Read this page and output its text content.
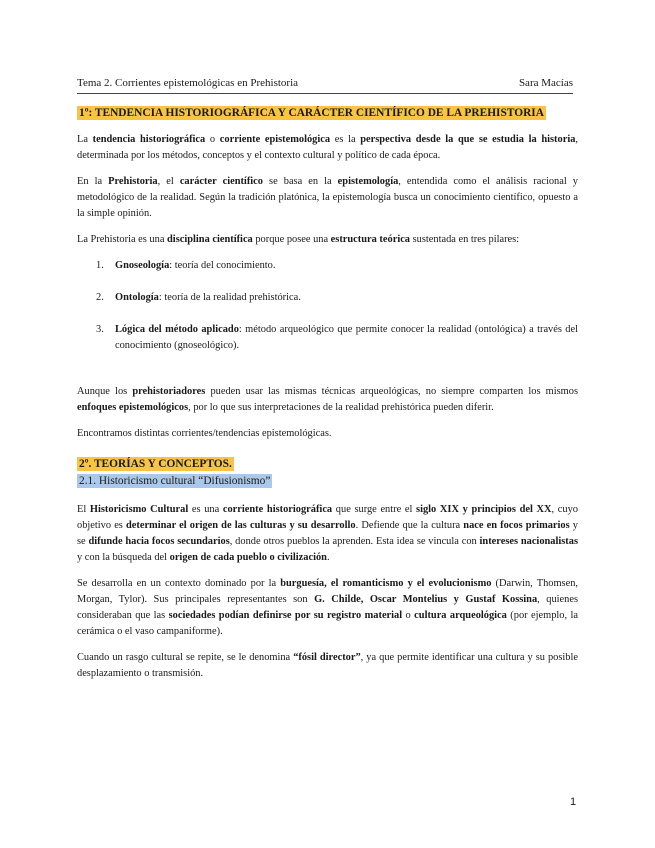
Tema 2. Corrientes epistemológicas en Prehistoria	Sara Macías

1º: TENDENCIA HISTORIOGRÁFICA Y CARÁCTER CIENTÍFICO DE LA PREHISTORIA

La tendencia historiográfica o corriente epistemológica es la perspectiva desde la que se estudia la historia, determinada por los métodos, conceptos y el contexto cultural y político de cada época.

En la Prehistoria, el carácter científico se basa en la epistemología, entendida como el análisis racional y metodológico de la realidad. Según la tradición platónica, la epistemología busca un conocimiento científico, opuesto a la simple opinión.

La Prehistoria es una disciplina científica porque posee una estructura teórica sustentada en tres pilares:

1. Gnoseología: teoría del conocimiento.
2. Ontología: teoría de la realidad prehistórica.
3. Lógica del método aplicado: método arqueológico que permite conocer la realidad (ontológica) a través del conocimiento (gnoseológico).

Aunque los prehistoriadores pueden usar las mismas técnicas arqueológicas, no siempre comparten los mismos enfoques epistemológicos, por lo que sus interpretaciones de la realidad prehistórica pueden diferir.

Encontramos distintas corrientes/tendencias epistemológicas.

2º. TEORÍAS Y CONCEPTOS.
2.1. Historicismo cultural “Difusionismo”

El Historicismo Cultural es una corriente historiográfica que surge entre el siglo XIX y principios del XX, cuyo objetivo es determinar el origen de las culturas y su desarrollo. Defiende que la cultura nace en focos primarios y se difunde hacia focos secundarios, donde otros pueblos la aprenden. Esta idea se vincula con intereses nacionalistas y con la búsqueda del origen de cada pueblo o civilización.

Se desarrolla en un contexto dominado por la burguesía, el romanticismo y el evolucionismo (Darwin, Thomsen, Morgan, Tylor). Sus principales representantes son G. Childe, Oscar Montelius y Gustaf Kossina, quienes consideraban que las sociedades podían definirse por su registro material o cultura arqueológica (por ejemplo, la cerámica o el vaso campaniforme).

Cuando un rasgo cultural se repite, se le denomina “fósil director”, ya que permite identificar una cultura y su posible desplazamiento o transmisión.

1
